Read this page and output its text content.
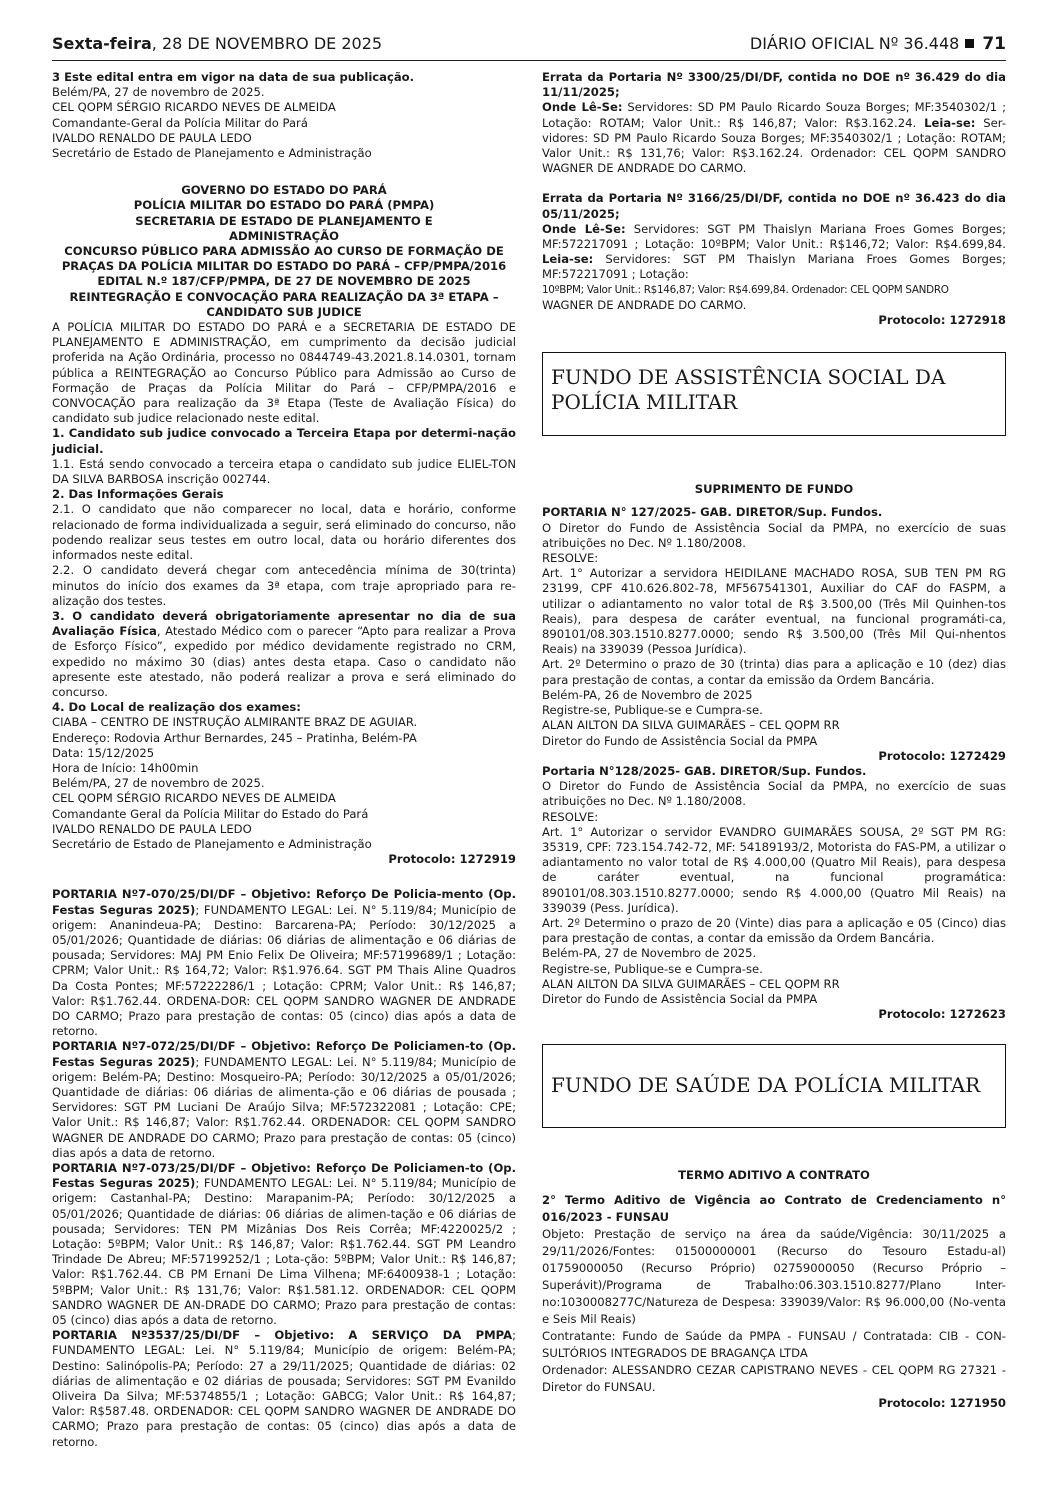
Sexta-feira, 28 DE NOVEMBRO DE 2025	DIÁRIO OFICIAL Nº 36.448 71

3 Este edital entra em vigor na data de sua publicação.

Belém/PA, 27 de novembro de 2025.

CEL QOPM SÉRGIO RICARDO NEVES DE ALMEIDA

Comandante-Geral da Polícia Militar do Pará

IVALDO RENALDO DE PAULA LEDO

Secretário de Estado de Planejamento e Administração

GOVERNO DO ESTADO DO PARÁ

POLÍCIA MILITAR DO ESTADO DO PARÁ (PMPA)

SECRETARIA DE ESTADO DE PLANEJAMENTO E ADMINISTRAÇÃO

CONCURSO PÚBLICO PARA ADMISSÃO AO CURSO DE FORMAÇÃO DE PRAÇAS DA POLÍCIA MILITAR DO ESTADO DO PARÁ – CFP/PMPA/2016

EDITAL N.º 187/CFP/PMPA, DE 27 DE NOVEMBRO DE 2025

REINTEGRAÇÃO E CONVOCAÇÃO PARA REALIZAÇÃO DA 3ª ETAPA – CANDIDATO SUB JUDICE

A POLÍCIA MILITAR DO ESTADO DO PARÁ e a SECRETARIA DE ESTADO DE PLANEJAMENTO E ADMINISTRAÇÃO, em cumprimento da decisão judicial proferida na Ação Ordinária, processo no 0844749-43.2021.8.14.0301, tornam pública a REINTEGRAÇÃO ao Concurso Público para Admissão ao Curso de Formação de Praças da Polícia Militar do Pará – CFP/PMPA/2016 e CONVOCAÇÃO para realização da 3ª Etapa (Teste de Avaliação Física) do candidato sub judice relacionado neste edital.

1. Candidato sub judice convocado a Terceira Etapa por determi-nação judicial.

1.1. Está sendo convocado a terceira etapa o candidato sub judice ELIEL-TON DA SILVA BARBOSA inscrição 002744.

2. Das Informações Gerais

2.1. O candidato que não comparecer no local, data e horário, conforme relacionado de forma individualizada a seguir, será eliminado do concurso, não podendo realizar seus testes em outro local, data ou horário diferentes dos informados neste edital.

2.2. O candidato deverá chegar com antecedência mínima de 30(trinta) minutos do início dos exames da 3ª etapa, com traje apropriado para re-alização dos testes.

3. O candidato deverá obrigatoriamente apresentar no dia de sua Avaliação Física, Atestado Médico com o parecer “Apto para realizar a Prova de Esforço Físico”, expedido por médico devidamente registrado no CRM, expedido no máximo 30 (dias) antes desta etapa. Caso o candidato não apresente este atestado, não poderá realizar a prova e será eliminado do concurso.

4. Do Local de realização dos exames:

CIABA – CENTRO DE INSTRUÇÃO ALMIRANTE BRAZ DE AGUIAR.

Endereço: Rodovia Arthur Bernardes, 245 – Pratinha, Belém-PA

Data: 15/12/2025

Hora de Início: 14h00min

Belém/PA, 27 de novembro de 2025.

CEL QOPM SÉRGIO RICARDO NEVES DE ALMEIDA

Comandante Geral da Polícia Militar do Estado do Pará

IVALDO RENALDO DE PAULA LEDO

Secretário de Estado de Planejamento e Administração

Protocolo: 1272919

PORTARIA Nº7-070/25/DI/DF – Objetivo: Reforço De Policia-mento (Op. Festas Seguras 2025); FUNDAMENTO LEGAL: Lei. N° 5.119/84; Município de origem: Ananindeua-PA; Destino: Barcarena-PA; Período: 30/12/2025 a 05/01/2026; Quantidade de diárias: 06 diárias de alimentação e 06 diárias de pousada; Servidores: MAJ PM Enio Felix De Oliveira; MF:57199689/1 ; Lotação: CPRM; Valor Unit.: R$ 164,72; Valor: R$1.976.64. SGT PM Thais Aline Quadros Da Costa Pontes; MF:57222286/1 ; Lotação: CPRM; Valor Unit.: R$ 146,87; Valor: R$1.762.44. ORDENA-DOR: CEL QOPM SANDRO WAGNER DE ANDRADE DO CARMO; Prazo para prestação de contas: 05 (cinco) dias após a data de retorno.

PORTARIA Nº7-072/25/DI/DF – Objetivo: Reforço De Policiamen-to (Op. Festas Seguras 2025); FUNDAMENTO LEGAL: Lei. N° 5.119/84; Município de origem: Belém-PA; Destino: Mosqueiro-PA; Período: 30/12/2025 a 05/01/2026; Quantidade de diárias: 06 diárias de alimenta-ção e 06 diárias de pousada ; Servidores: SGT PM Luciani De Araújo Silva; MF:572322081 ; Lotação: CPE; Valor Unit.: R$ 146,87; Valor: R$1.762.44. ORDENADOR: CEL QOPM SANDRO WAGNER DE ANDRADE DO CARMO; Prazo para prestação de contas: 05 (cinco) dias após a data de retorno.

PORTARIA Nº7-073/25/DI/DF – Objetivo: Reforço De Policiamen-to (Op. Festas Seguras 2025); FUNDAMENTO LEGAL: Lei. N° 5.119/84; Município de origem: Castanhal-PA; Destino: Marapanim-PA; Período: 30/12/2025 a 05/01/2026; Quantidade de diárias: 06 diárias de alimen-tação e 06 diárias de pousada; Servidores: TEN PM Mizânias Dos Reis Corrêa; MF:4220025/2 ; Lotação: 5ºBPM; Valor Unit.: R$ 146,87; Valor: R$1.762.44. SGT PM Leandro Trindade De Abreu; MF:57199252/1 ; Lota-ção: 5ºBPM; Valor Unit.: R$ 146,87; Valor: R$1.762.44. CB PM Ernani De Lima Vilhena; MF:6400938-1 ; Lotação: 5ºBPM; Valor Unit.: R$ 131,76; Valor: R$1.581.12. ORDENADOR: CEL QOPM SANDRO WAGNER DE AN-DRADE DO CARMO; Prazo para prestação de contas: 05 (cinco) dias após a data de retorno.

PORTARIA Nº3537/25/DI/DF – Objetivo: A SERVIÇO DA PMPA; FUNDAMENTO LEGAL: Lei. N° 5.119/84; Município de origem: Belém-PA; Destino: Salinópolis-PA; Período: 27 a 29/11/2025; Quantidade de diárias: 02 diárias de alimentação e 02 diárias de pousada; Servidores: SGT PM Evanildo Oliveira Da Silva; MF:5374855/1 ; Lotação: GABCG; Valor Unit.: R$ 164,87; Valor: R$587.48. ORDENADOR: CEL QOPM SANDRO WAGNER DE ANDRADE DO CARMO; Prazo para prestação de contas: 05 (cinco) dias após a data de retorno.

Errata da Portaria Nº 3300/25/DI/DF, contida no DOE nº 36.429 do dia 11/11/2025;

Onde Lê-Se: Servidores: SD PM Paulo Ricardo Souza Borges; MF:3540302/1 ; Lotação: ROTAM; Valor Unit.: R$ 146,87; Valor: R$3.162.24. Leia-se: Ser-vidores: SD PM Paulo Ricardo Souza Borges; MF:3540302/1 ; Lotação: ROTAM; Valor Unit.: R$ 131,76; Valor: R$3.162.24. Ordenador: CEL QOPM SANDRO WAGNER DE ANDRADE DO CARMO.

Errata da Portaria Nº 3166/25/DI/DF, contida no DOE nº 36.423 do dia 05/11/2025;

Onde Lê-Se: Servidores: SGT PM Thaislyn Mariana Froes Gomes Borges; MF:572217091 ; Lotação: 10ºBPM; Valor Unit.: R$146,72; Valor: R$4.699,84. Leia-se: Servidores: SGT PM Thaislyn Mariana Froes Gomes Borges; MF:572217091 ; Lotação:

10ºBPM; Valor Unit.: R$146,87; Valor: R$4.699,84. Ordenador: CEL QOPM SANDRO

WAGNER DE ANDRADE DO CARMO.

Protocolo: 1272918

FUNDO DE ASSISTÊNCIA SOCIAL DA POLÍCIA MILITAR

SUPRIMENTO DE FUNDO

PORTARIA N° 127/2025- GAB. DIRETOR/Sup. Fundos.

O Diretor do Fundo de Assistência Social da PMPA, no exercício de suas atribuições no Dec. Nº 1.180/2008.

RESOLVE:

Art. 1° Autorizar a servidora HEIDILANE MACHADO ROSA, SUB TEN PM RG 23199, CPF 410.626.802-78, MF567541301, Auxiliar do CAF do FASPM, a utilizar o adiantamento no valor total de R$ 3.500,00 (Três Mil Quinhen-tos Reais), para despesa de caráter eventual, na funcional programáti-ca, 890101/08.303.1510.8277.0000; sendo R$ 3.500,00 (Três Mil Qui-nhentos Reais) na 339039 (Pessoa Jurídica).

Art. 2º Determino o prazo de 30 (trinta) dias para a aplicação e 10 (dez) dias para prestação de contas, a contar da emissão da Ordem Bancária.

Belém-PA, 26 de Novembro de 2025

Registre-se, Publique-se e Cumpra-se.

ALAN AILTON DA SILVA GUIMARÃES – CEL QOPM RR

Diretor do Fundo de Assistência Social da PMPA

Protocolo: 1272429

Portaria N°128/2025- GAB. DIRETOR/Sup. Fundos.

O Diretor do Fundo de Assistência Social da PMPA, no exercício de suas atribuições no Dec. Nº 1.180/2008.

RESOLVE:

Art. 1° Autorizar o servidor EVANDRO GUIMARÃES SOUSA, 2º SGT PM RG: 35319, CPF: 723.154.742-72, MF: 54189193/2, Motorista do FAS-PM, a utilizar o adiantamento no valor total de R$ 4.000,00 (Quatro Mil Reais), para despesa de caráter eventual, na funcional programática: 890101/08.303.1510.8277.0000; sendo R$ 4.000,00 (Quatro Mil Reais) na 339039 (Pess. Jurídica).

Art. 2º Determino o prazo de 20 (Vinte) dias para a aplicação e 05 (Cinco) dias para prestação de contas, a contar da emissão da Ordem Bancária.

Belém-PA, 27 de Novembro de 2025.

Registre-se, Publique-se e Cumpra-se.

ALAN AILTON DA SILVA GUIMARÃES – CEL QOPM RR

Diretor do Fundo de Assistência Social da PMPA

Protocolo: 1272623

FUNDO DE SAÚDE DA POLÍCIA MILITAR

TERMO ADITIVO A CONTRATO

2° Termo Aditivo de Vigência ao Contrato de Credenciamento n° 016/2023 - FUNSAU

Objeto: Prestação de serviço na área da saúde/Vigência: 30/11/2025 a 29/11/2026/Fontes: 01500000001 (Recurso do Tesouro Estadu-al) 01759000050 (Recurso Próprio) 02759000050 (Recurso Próprio – Superávit)/Programa de Trabalho:06.303.1510.8277/Plano Inter-no:1030008277C/Natureza de Despesa: 339039/Valor: R$ 96.000,00 (No-venta e Seis Mil Reais)

Contratante: Fundo de Saúde da PMPA - FUNSAU / Contratada: CIB - CON-SULTÓRIOS INTEGRADOS DE BRAGANÇA LTDA

Ordenador: ALESSANDRO CEZAR CAPISTRANO NEVES - CEL QOPM RG 27321 - Diretor do FUNSAU.

Protocolo: 1271950
